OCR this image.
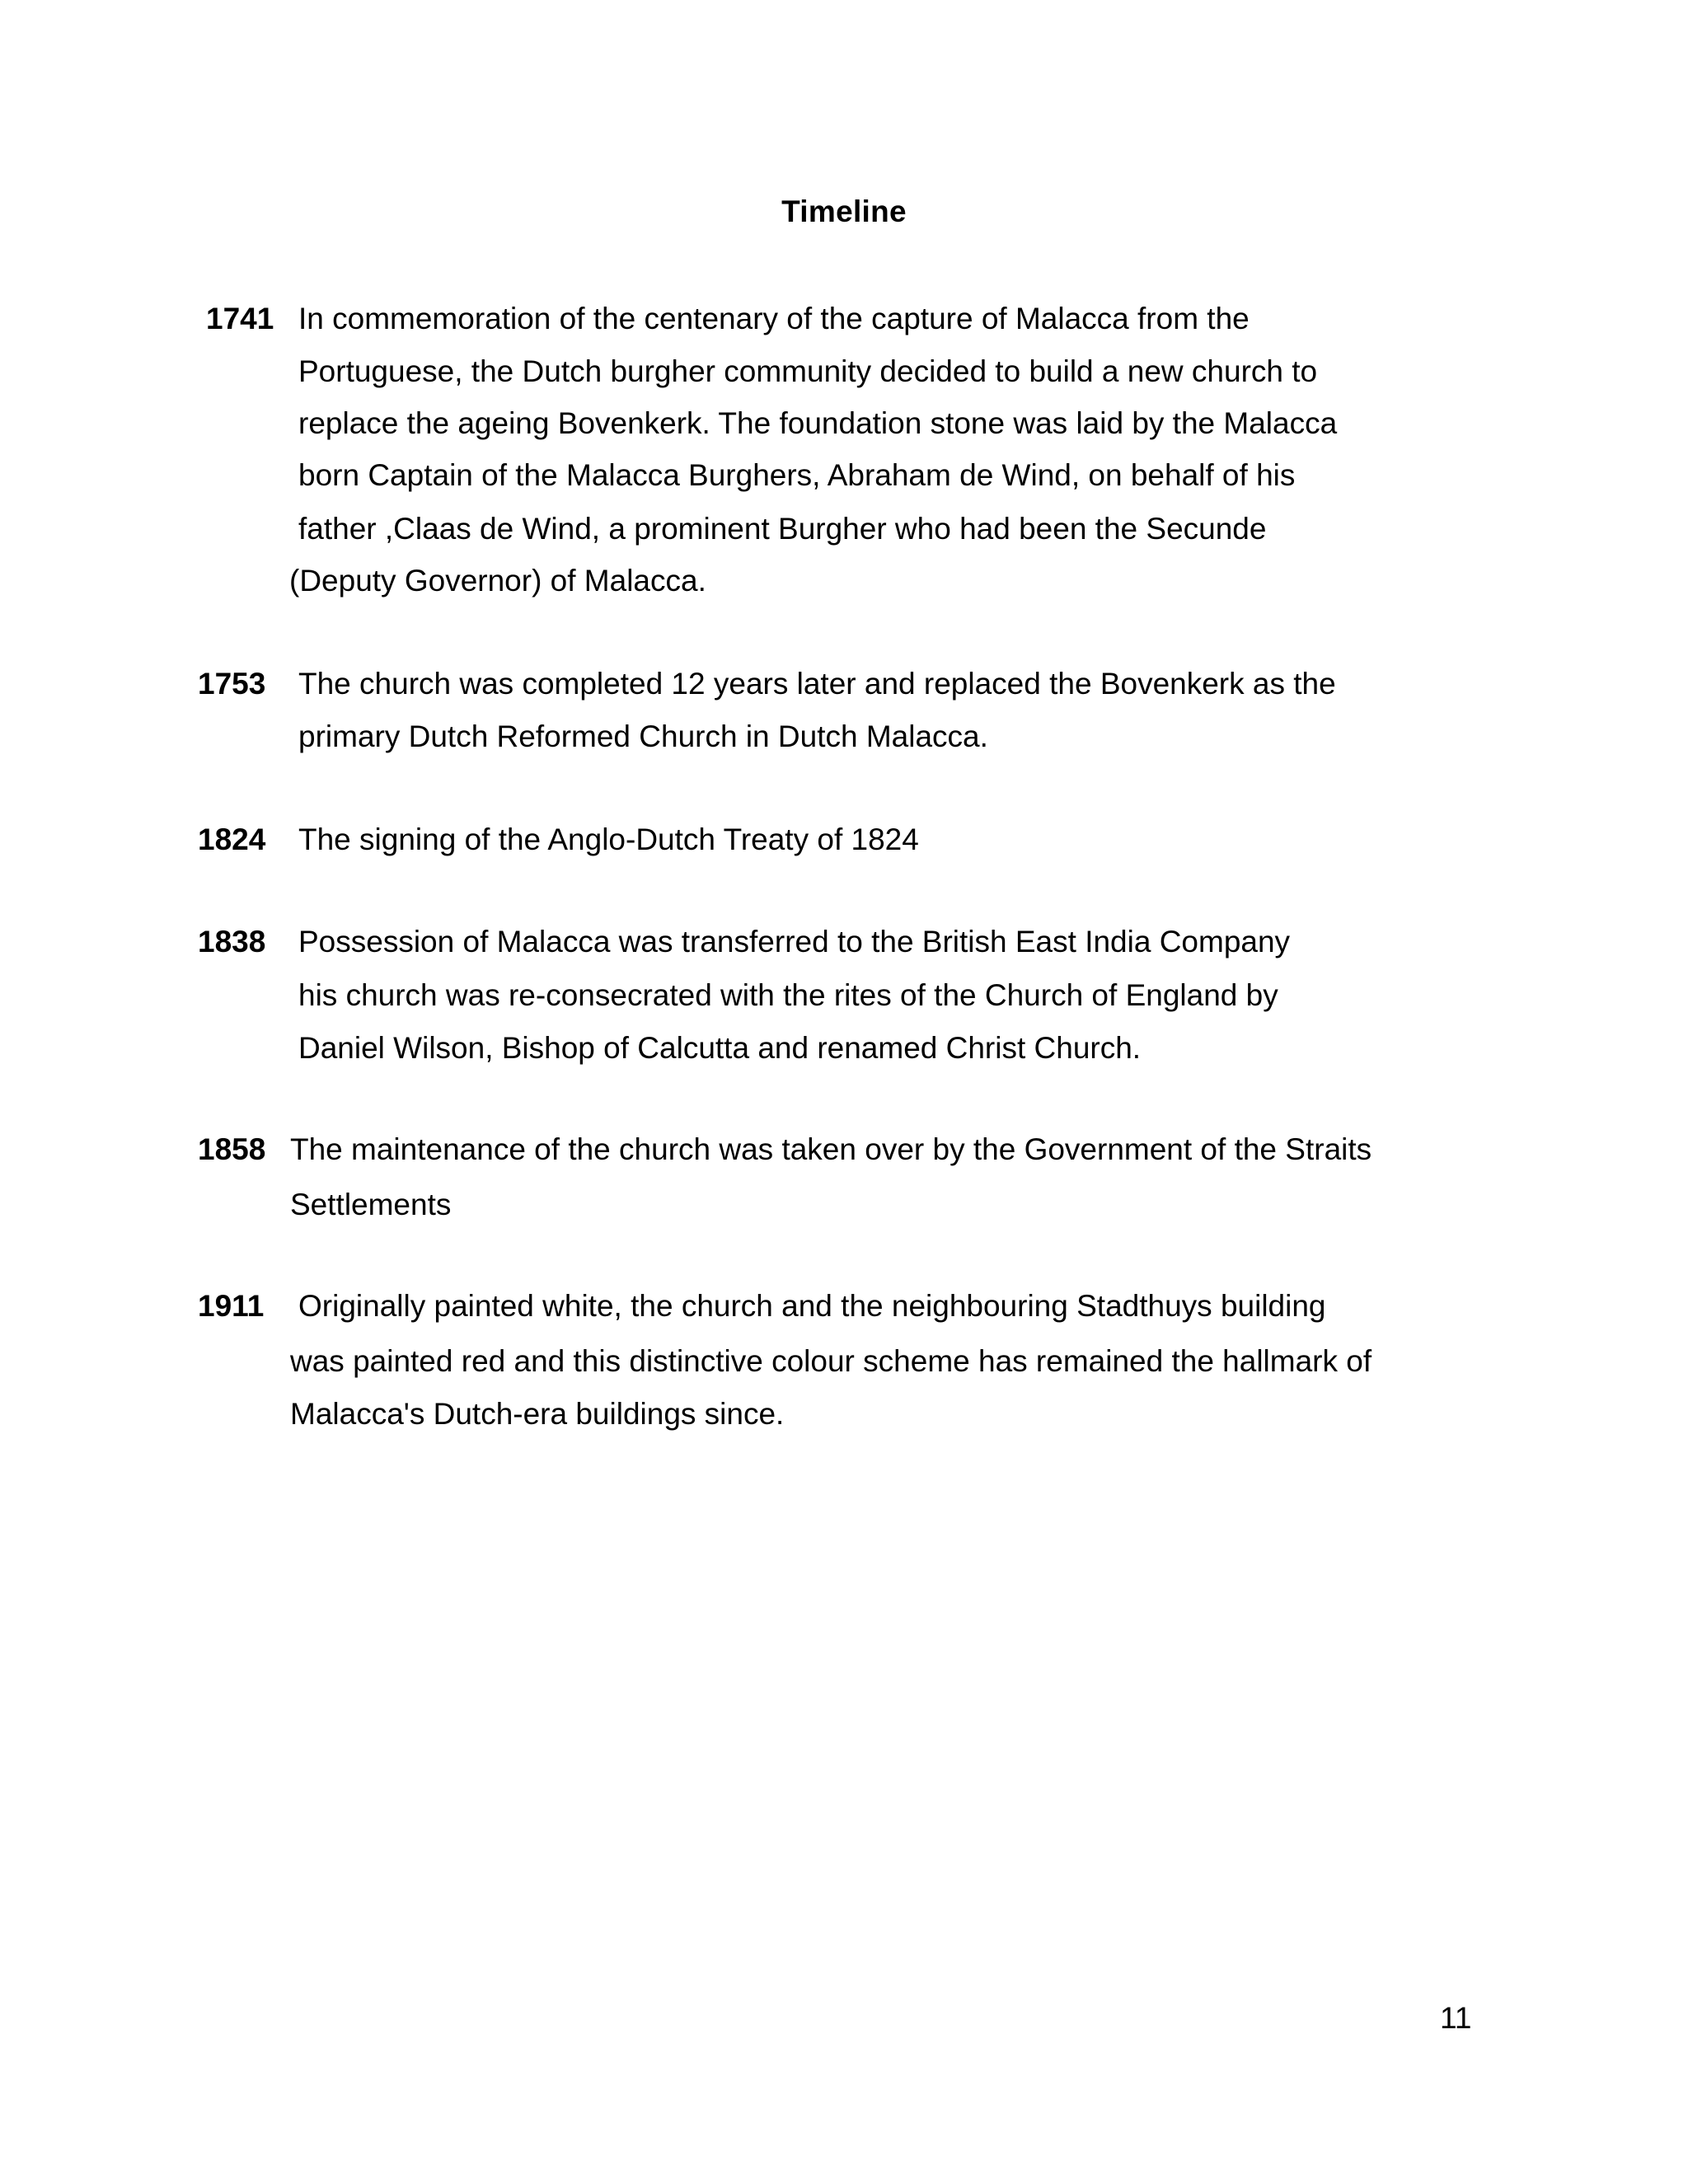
Timeline
1741 In commemoration of the centenary of the capture of Malacca from the
Portuguese, the Dutch burgher community decided to build a new church to
replace the ageing Bovenkerk. The foundation stone was laid by the Malacca
born Captain of the Malacca Burghers, Abraham de Wind, on behalf of his
father ,Claas de Wind, a prominent Burgher who had been the Secunde
(Deputy Governor) of Malacca.
1753 The church was completed 12 years later and replaced the Bovenkerk as the
primary Dutch Reformed Church in Dutch Malacca.
1824 The signing of the Anglo-Dutch Treaty of 1824
1838 Possession of Malacca was transferred to the British East India Company
his church was re-consecrated with the rites of the Church of England by
Daniel Wilson, Bishop of Calcutta and renamed Christ Church.
1858 The maintenance of the church was taken over by the Government of the Straits
Settlements
1911 Originally painted white, the church and the neighbouring Stadthuys building
was painted red and this distinctive colour scheme has remained the hallmark of
Malacca's Dutch-era buildings since.
11
